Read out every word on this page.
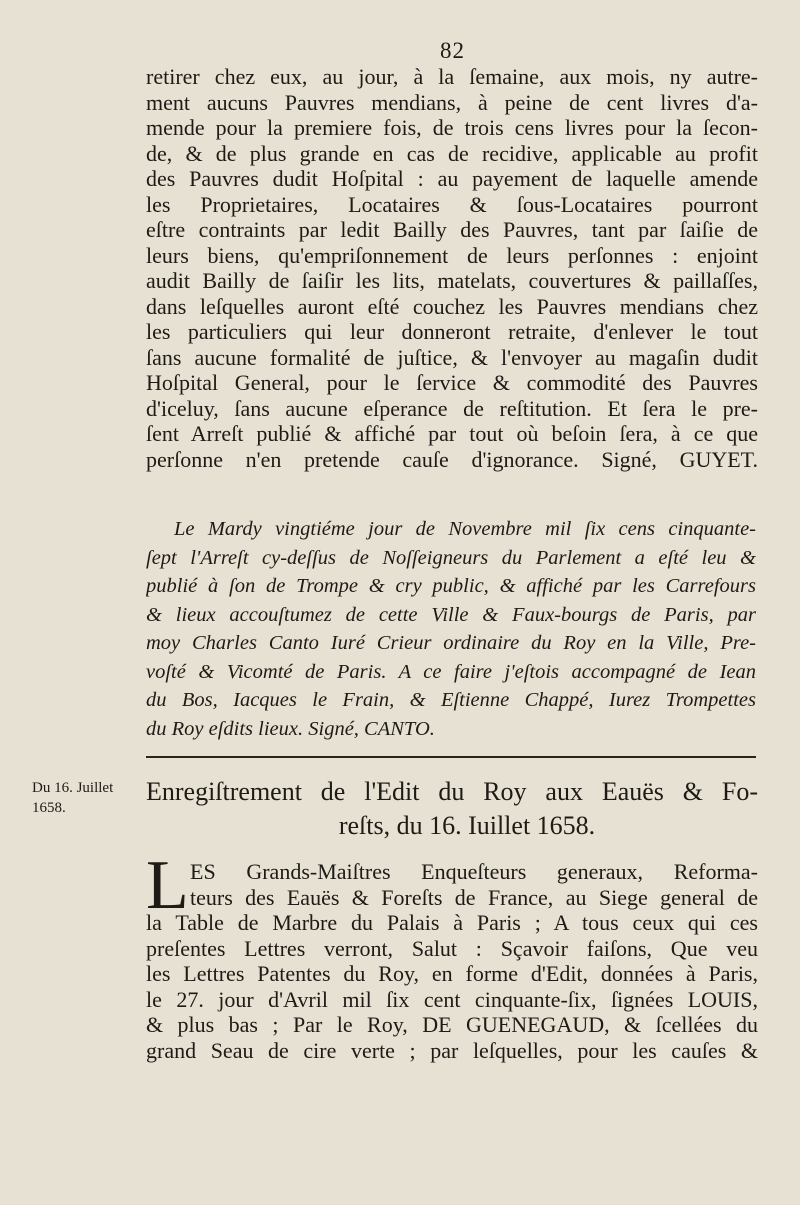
82
retirer chez eux, au jour, à la ſemaine, aux mois, ny autre-
ment aucuns Pauvres mendians, à peine de cent livres d'a-
mende pour la premiere fois, de trois cens livres pour la ſecon-
de, & de plus grande en cas de recidive, applicable au profit
des Pauvres dudit Hoſpital : au payement de laquelle amende
les Proprietaires, Locataires & ſous-Locataires pourront
eſtre contraints par ledit Bailly des Pauvres, tant par ſaiſie de
leurs biens, qu'empriſonnement de leurs perſonnes : enjoint
audit Bailly de ſaiſir les lits, matelats, couvertures & paillaſſes,
dans leſquelles auront eſté couchez les Pauvres mendians chez
les particuliers qui leur donneront retraite, d'enlever le tout
ſans aucune formalité de juſtice, & l'envoyer au magaſin dudit
Hoſpital General, pour le ſervice & commodité des Pauvres
d'iceluy, ſans aucune eſperance de reſtitution. Et ſera le pre-
ſent Arreſt publié & affiché par tout où beſoin ſera, à ce que
perſonne n'en pretende cauſe d'ignorance. Signé, GUYET.
Le Mardy vingtiéme jour de Novembre mil ſix cens cinquante-
ſept l'Arreſt cy-deſſus de Noſſeigneurs du Parlement a eſté leu &
publié à ſon de Trompe & cry public, & affiché par les Carrefours
& lieux accouſtumez de cette Ville & Faux-bourgs de Paris, par
moy Charles Canto Iuré Crieur ordinaire du Roy en la Ville, Pre-
voſté & Vicomté de Paris. A ce faire j'eſtois accompagné de Iean
du Bos, Iacques le Frain, & Eſtienne Chappé, Iurez Trompettes
du Roy eſdits lieux. Signé, CANTO.
Du 16. Juillet
1658.
Enregiſtrement de l'Edit du Roy aux Eauës & Fo-
reſts, du 16. Iuillet 1658.
L ES Grands-Maiſtres Enqueſteurs generaux, Reforma-
teurs des Eauës & Foreſts de France, au Siege general de
la Table de Marbre du Palais à Paris ; A tous ceux qui ces
preſentes Lettres verront, Salut : Sçavoir faiſons, Que veu
les Lettres Patentes du Roy, en forme d'Edit, données à Paris,
le 27. jour d'Avril mil ſix cent cinquante-ſix, ſignées LOUIS,
& plus bas ; Par le Roy, DE GUENEGAUD, & ſcellées du
grand Seau de cire verte ; par leſquelles, pour les cauſes &
